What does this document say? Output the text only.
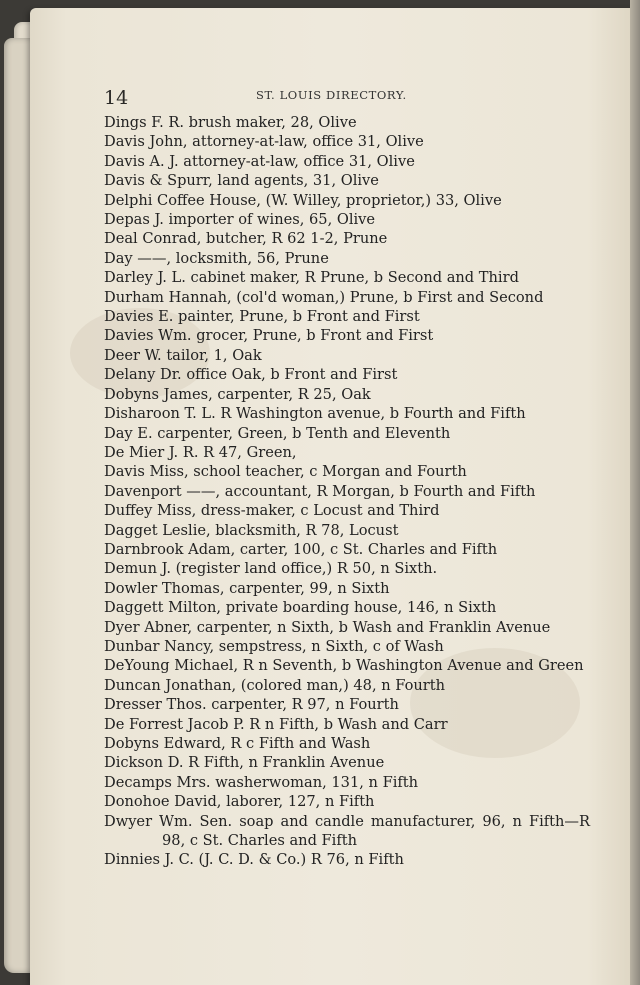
14	ST. LOUIS DIRECTORY.
Dings F. R. brush maker, 28, Olive
Davis John, attorney-at-law, office 31, Olive
Davis A. J. attorney-at-law, office 31, Olive
Davis & Spurr, land agents, 31, Olive
Delphi Coffee House, (W. Willey, proprietor,) 33, Olive
Depas J. importer of wines, 65, Olive
Deal Conrad, butcher, R 62 1-2, Prune
Day ——, locksmith, 56, Prune
Darley J. L. cabinet maker, R Prune, b Second and Third
Durham Hannah, (col'd woman,) Prune, b First and Second
Davies E. painter, Prune, b Front and First
Davies Wm. grocer, Prune, b Front and First
Deer W. tailor, 1, Oak
Delany Dr. office Oak, b Front and First
Dobyns James, carpenter, R 25, Oak
Disharoon T. L. R Washington avenue, b Fourth and Fifth
Day E. carpenter, Green, b Tenth and Eleventh
De Mier J. R. R 47, Green,
Davis Miss, school teacher, c Morgan and Fourth
Davenport ——, accountant, R Morgan, b Fourth and Fifth
Duffey Miss, dress-maker, c Locust and Third
Dagget Leslie, blacksmith, R 78, Locust
Darnbrook Adam, carter, 100, c St. Charles and Fifth
Demun J. (register land office,) R 50, n Sixth.
Dowler Thomas, carpenter, 99, n Sixth
Daggett Milton, private boarding house, 146, n Sixth
Dyer Abner, carpenter, n Sixth, b Wash and Franklin Avenue
Dunbar Nancy, sempstress, n Sixth, c of Wash
DeYoung Michael, R n Seventh, b Washington Avenue and Green
Duncan Jonathan, (colored man,) 48, n Fourth
Dresser Thos. carpenter, R 97, n Fourth
De Forrest Jacob P. R n Fifth, b Wash and Carr
Dobyns Edward, R c Fifth and Wash
Dickson D. R Fifth, n Franklin Avenue
Decamps Mrs. washerwoman, 131, n Fifth
Donohoe David, laborer, 127, n Fifth
Dwyer Wm. Sen. soap and candle manufacturer, 96, n Fifth—R 98, c St. Charles and Fifth
Dinnies J. C. (J. C. D. & Co.) R 76, n Fifth
